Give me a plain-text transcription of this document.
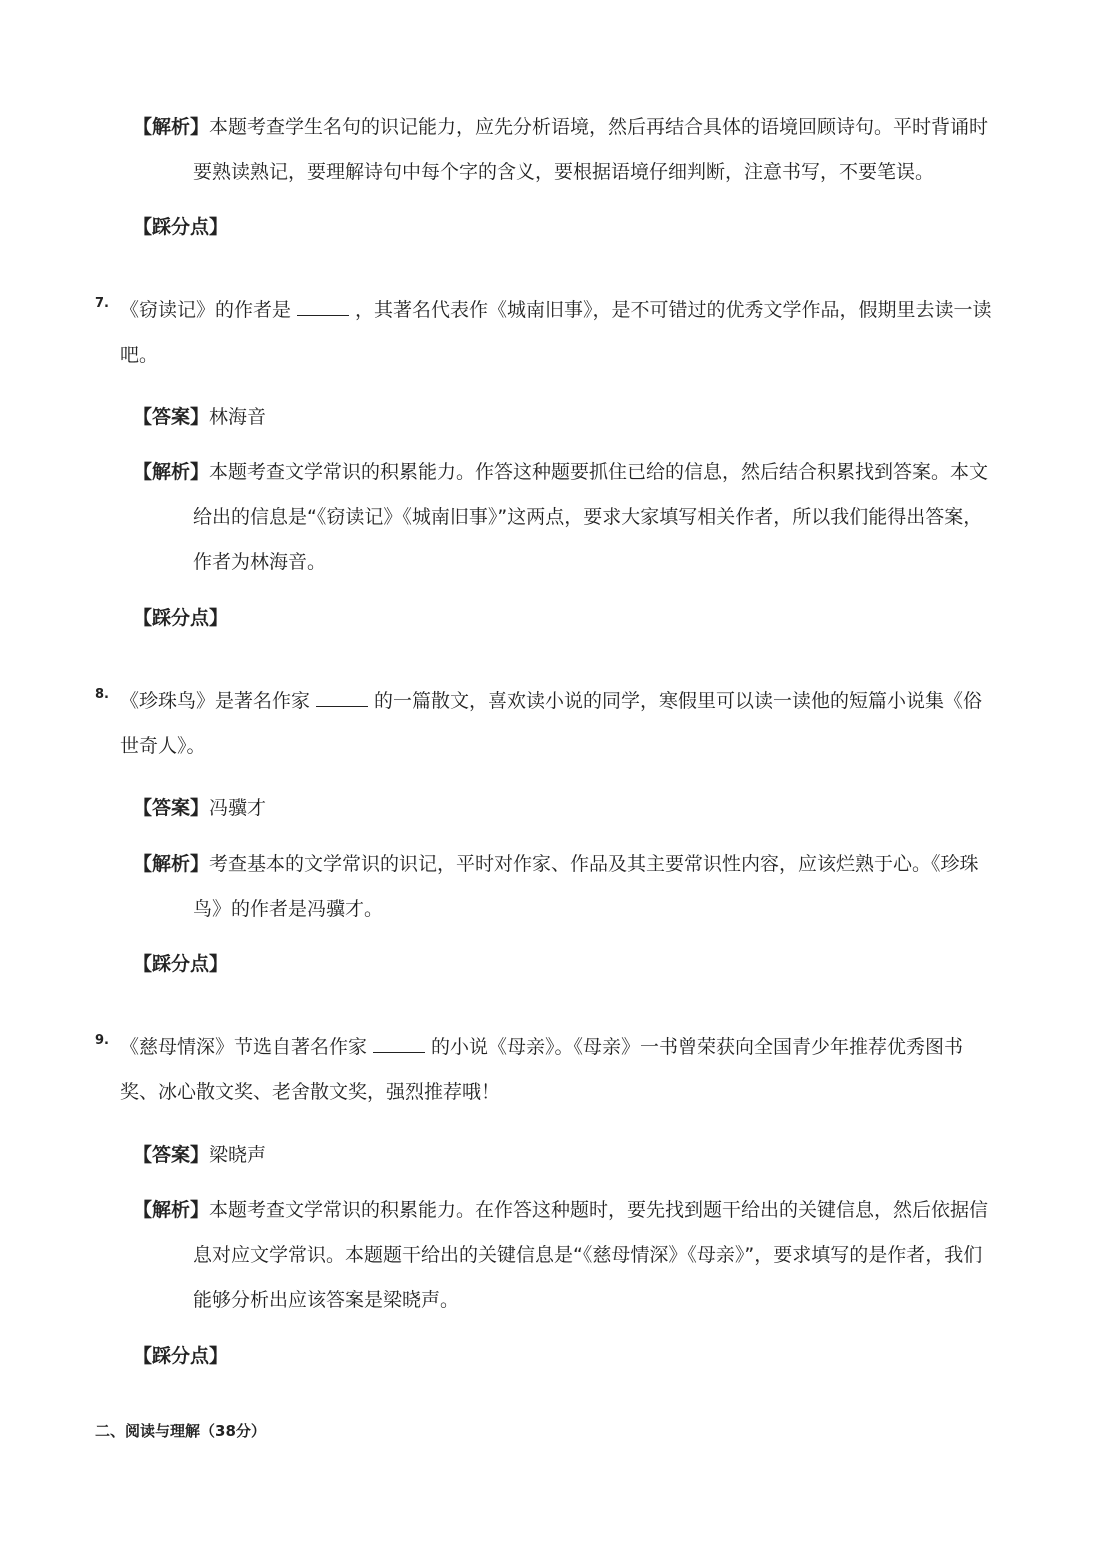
【解析】本题考查学生名句的识记能力，应先分析语境，然后再结合具体的语境回顾诗句。平时背诵时要熟读熟记，要理解诗句中每个字的含义，要根据语境仔细判断，注意书写，不要笔误。
【踩分点】
7. 《窃读记》的作者是	，其著名代表作《城南旧事》，是不可错过的优秀文学作品，假期里去读一读吧。
【答案】林海音
【解析】本题考查文学常识的积累能力。作答这种题要抓住已给的信息，然后结合积累找到答案。本文给出的信息是“《窃读记》《城南旧事》”这两点，要求大家填写相关作者，所以我们能得出答案，作者为林海音。
【踩分点】
8. 《珍珠鸟》是著名作家	的一篇散文，喜欢读小说的同学，寒假里可以读一读他的短篇小说集《俗世奇人》。
【答案】冯骥才
【解析】考查基本的文学常识的识记，平时对作家、作品及其主要常识性内容，应该烂熟于心。《珍珠鸟》的作者是冯骥才。
【踩分点】
9. 《慈母情深》节选自著名作家	的小说《母亲》。《母亲》一书曾荣获向全国青少年推荐优秀图书奖、冰心散文奖、老舍散文奖，强烈推荐哦！
【答案】梁晓声
【解析】本题考查文学常识的积累能力。在作答这种题时，要先找到题干给出的关键信息，然后依据信息对应文学常识。本题题干给出的关键信息是“《慈母情深》《母亲》”，要求填写的是作者，我们能够分析出应该答案是梁晓声。
【踩分点】
二、阅读与理解（38分）
